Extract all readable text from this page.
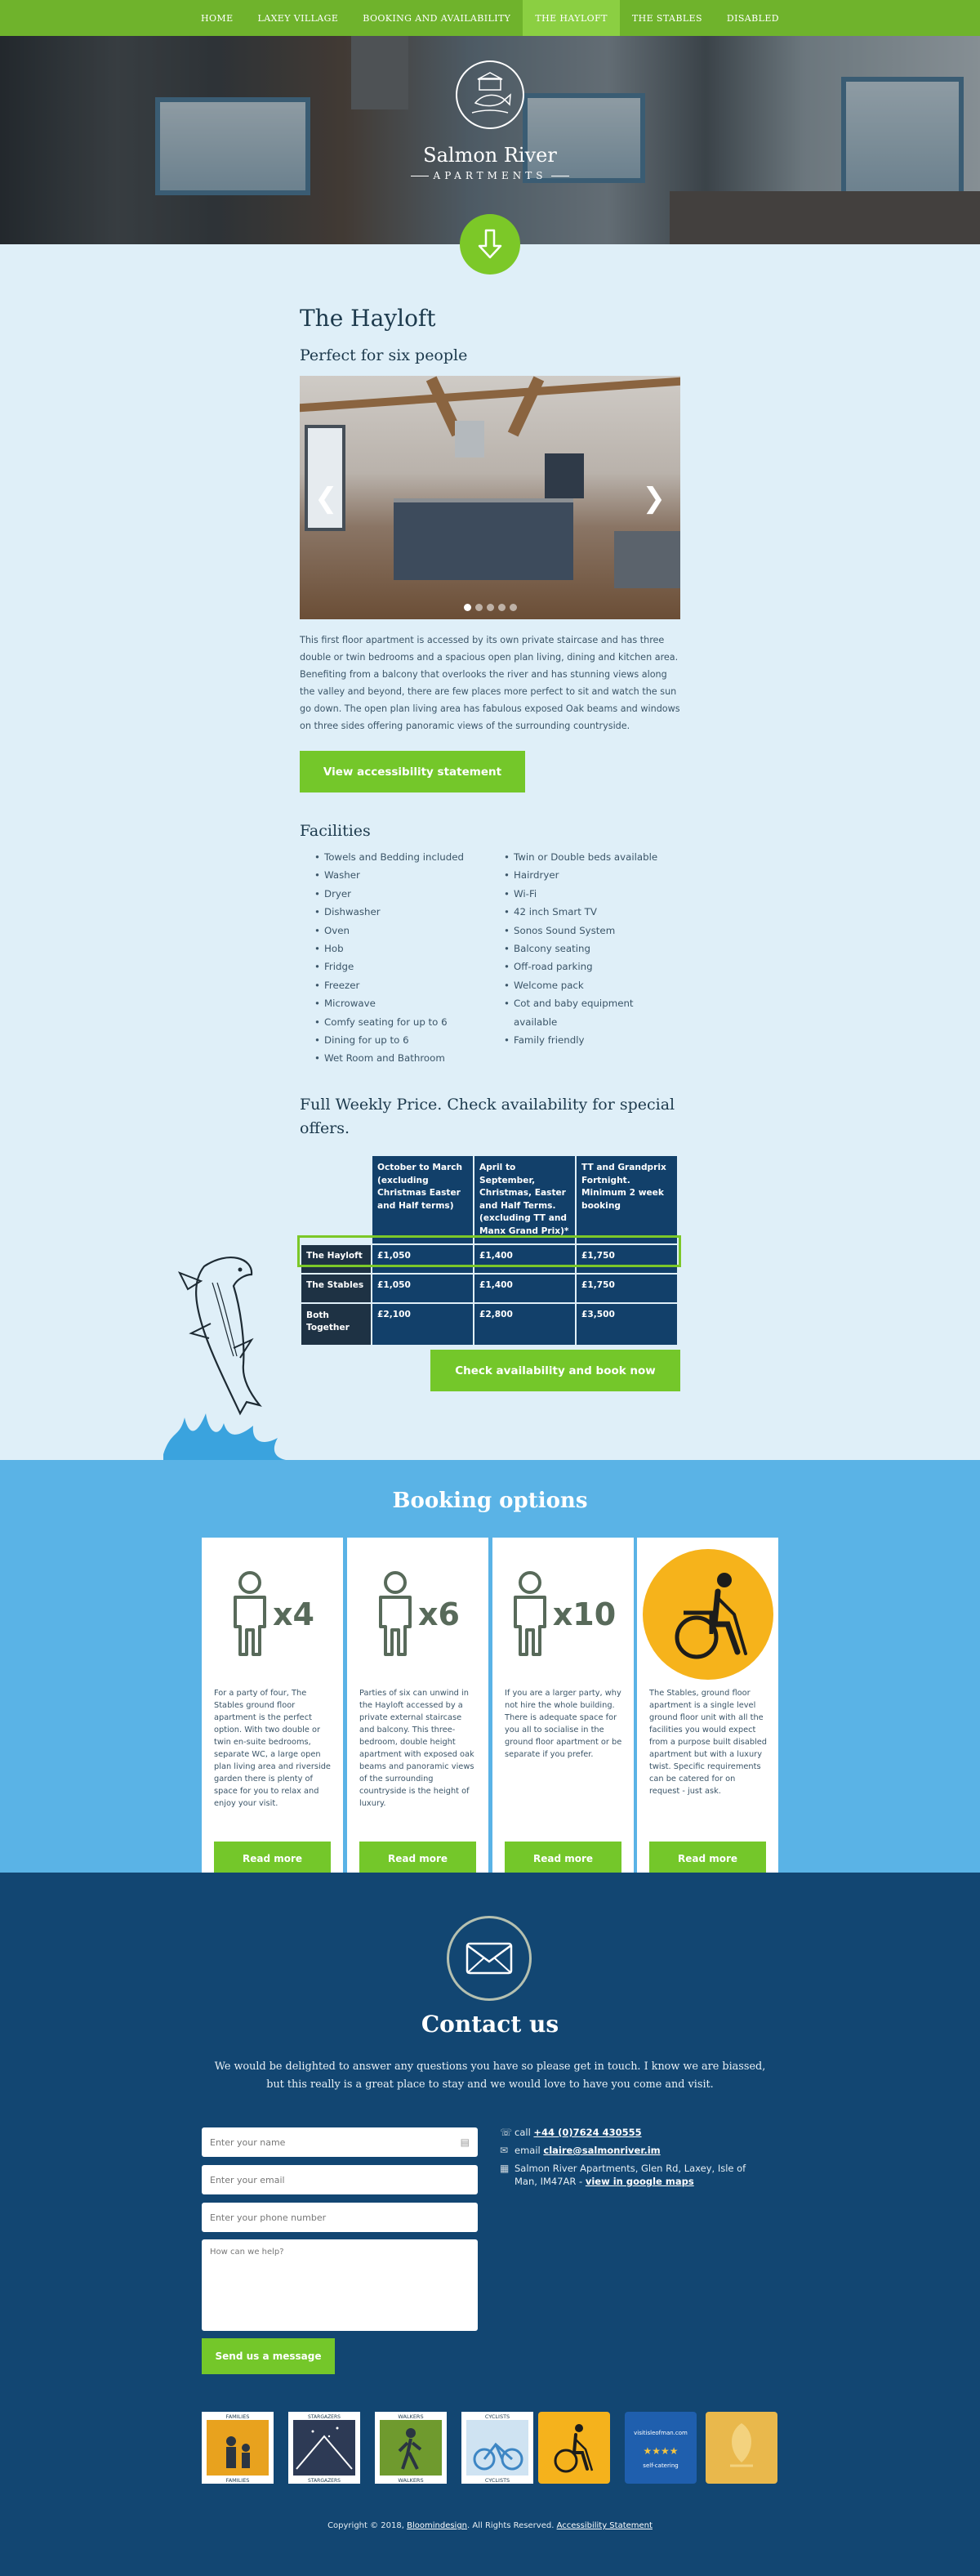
HOME	LAXEY VILLAGE	BOOKING AND AVAILABILITY	THE HAYLOFT	THE STABLES	DISABLED
Salmon River
APARTMENTS
The Hayloft
Perfect for six people
❮	❯

This first floor apartment is accessed by its own private staircase and has three double or twin bedrooms and a spacious open plan living, dining and kitchen area. Benefiting from a balcony that overlooks the river and has stunning views along the valley and beyond, there are few places more perfect to sit and watch the sun go down. The open plan living area has fabulous exposed Oak beams and windows on three sides offering panoramic views of the surrounding countryside.

View accessibility statement
Facilities
• Towels and Bedding included
• Washer
• Dryer
• Dishwasher
• Oven
• Hob
• Fridge
• Freezer
• Microwave
• Comfy seating for up to 6
• Dining for up to 6
• Wet Room and Bathroom
• Twin or Double beds available
• Hairdryer
• Wi-Fi
• 42 inch Smart TV
• Sonos Sound System
• Balcony seating
• Off-road parking
• Welcome pack
• Cot and baby equipment available
• Family friendly
Full Weekly Price. Check availability for special offers.
	October to March (excluding Christmas Easter and Half terms)	April to September, Christmas, Easter and Half Terms. (excluding TT and Manx Grand Prix)*	TT and Grandprix Fortnight. Minimum 2 week booking
The Hayloft	£1,050	£1,400	£1,750
The Stables	£1,050	£1,400	£1,750
Both Together	£2,100	£2,800	£3,500
Check availability and book now
Booking options
x4

For a party of four, The Stables ground floor apartment is the perfect option. With two double or twin en-suite bedrooms, separate WC, a large open plan living area and riverside garden there is plenty of space for you to relax and enjoy your visit.

Read more
x6

Parties of six can unwind in the Hayloft accessed by a private external staircase and balcony. This three-bedroom, double height apartment with exposed oak beams and panoramic views of the surrounding countryside is the height of luxury.

Read more
x10

If you are a larger party, why not hire the whole building. There is adequate space for you all to socialise in the ground floor apartment or be separate if you prefer.

Read more

The Stables, ground floor apartment is a single level ground floor unit with all the facilities you would expect from a purpose built disabled apartment but with a luxury twist. Specific requirements can be catered for on request - just ask.

Read more
Contact us

We would be delighted to answer any questions you have so please get in touch. I know we are biassed, but this really is a great place to stay and we would love to have you come and visit.

Enter your name	▤
Enter your email
Enter your phone number
How can we help?
Send us a message
☏ call +44 (0)7624 430555
✉ email claire@salmonriver.im
▦ Salmon River Apartments, Glen Rd, Laxey, Isle of Man, IM47AR - view in google maps
FAMILIES
FAMILIES
STARGAZERS
STARGAZERS
WALKERS
WALKERS
CYCLISTS
CYCLISTS
visitisleofman.com
★★★★
self-catering
Copyright © 2018, Bloomindesign. All Rights Reserved. Accessibility Statement
